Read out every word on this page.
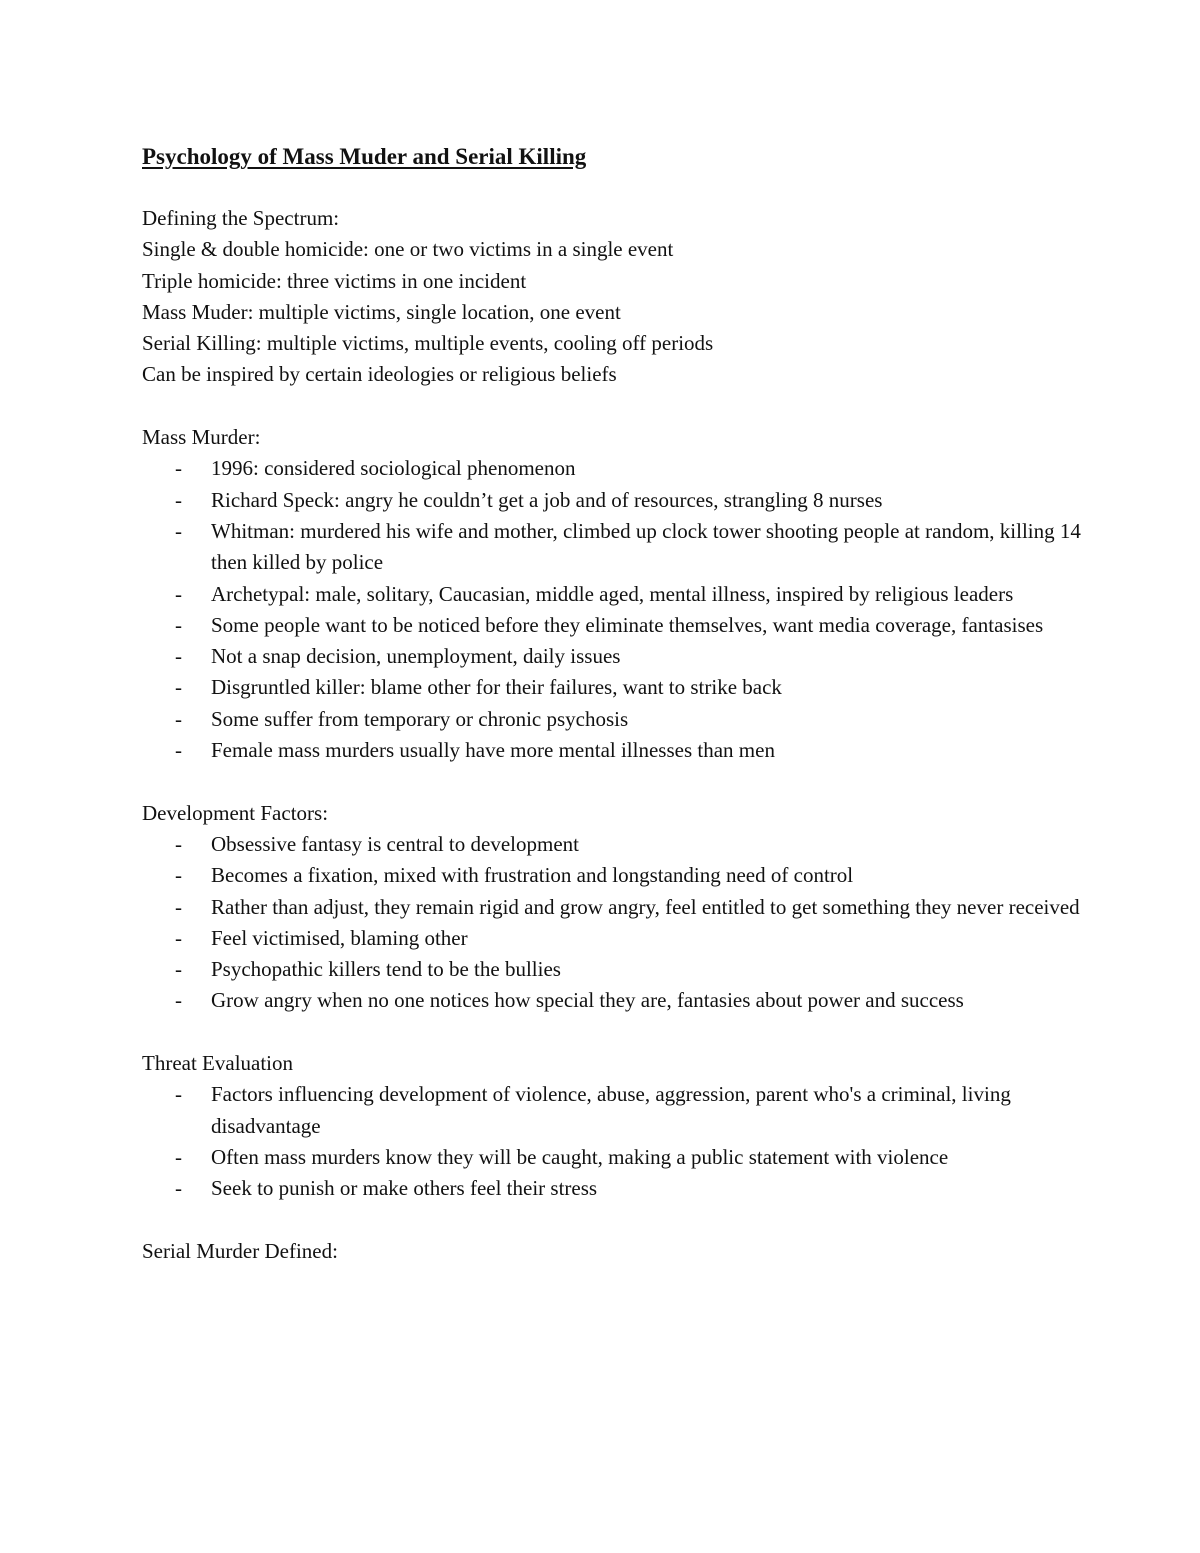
Psychology of Mass Muder and Serial Killing
Defining the Spectrum:
Single & double homicide: one or two victims in a single event
Triple homicide: three victims in one incident
Mass Muder: multiple victims, single location, one event
Serial Killing: multiple victims, multiple events, cooling off periods
Can be inspired by certain ideologies or religious beliefs
Mass Murder:
- 1996: considered sociological phenomenon
- Richard Speck: angry he couldn’t get a job and of resources, strangling 8 nurses
- Whitman: murdered his wife and mother, climbed up clock tower shooting people at random, killing 14 then killed by police
- Archetypal: male, solitary, Caucasian, middle aged, mental illness, inspired by religious leaders
- Some people want to be noticed before they eliminate themselves, want media coverage, fantasises
- Not a snap decision, unemployment, daily issues
- Disgruntled killer: blame other for their failures, want to strike back
- Some suffer from temporary or chronic psychosis
- Female mass murders usually have more mental illnesses than men
Development Factors:
- Obsessive fantasy is central to development
- Becomes a fixation, mixed with frustration and longstanding need of control
- Rather than adjust, they remain rigid and grow angry, feel entitled to get something they never received
- Feel victimised, blaming other
- Psychopathic killers tend to be the bullies
- Grow angry when no one notices how special they are, fantasies about power and success
Threat Evaluation
- Factors influencing development of violence, abuse, aggression, parent who's a criminal, living disadvantage
- Often mass murders know they will be caught, making a public statement with violence
- Seek to punish or make others feel their stress
Serial Murder Defined:
